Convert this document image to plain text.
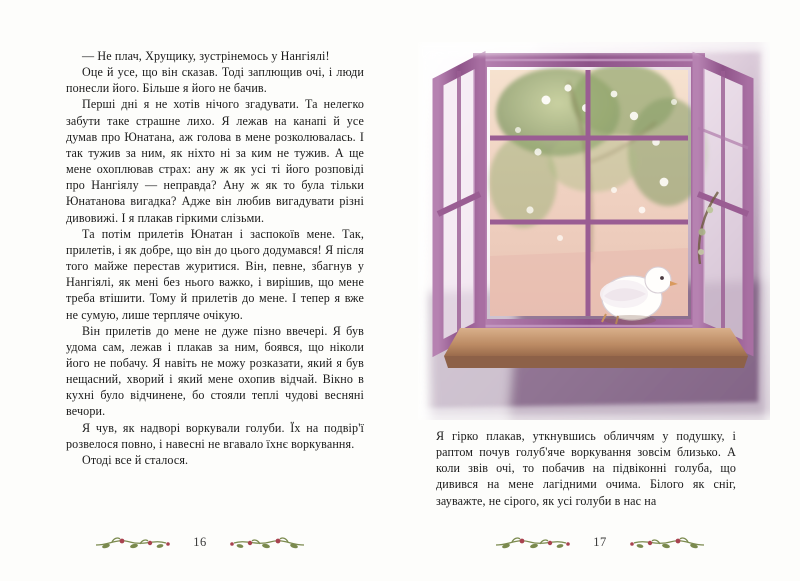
— Не плач, Хрущику, зустрінемось у Нангіялі!

Оце й усе, що він сказав. Тоді заплющив очі, і люди понесли його. Більше я його не бачив.

Перші дні я не хотів нічого згадувати. Та нелегко забути таке страшне лихо. Я лежав на канапі й усе думав про Юнатана, аж голова в мене розколювалась. І так тужив за ним, як ніхто ні за ким не тужив. А ще мене охоплював страх: ану ж як усі ті його розповіді про Нангіялу — неправда? Ану ж як то була тільки Юнатанова вигадка? Адже він любив вигадувати різні дивовижі. І я плакав гіркими слізьми.

Та потім прилетів Юнатан і заспокоїв мене. Так, прилетів, і як добре, що він до цього додумався! Я після того майже перестав журитися. Він, певне, збагнув у Нангіялі, як мені без нього важко, і вирішив, що мене треба втішити. Тому й прилетів до мене. І тепер я вже не сумую, лише терпляче очікую.

Він прилетів до мене не дуже пізно ввечері. Я був удома сам, лежав і плакав за ним, боявся, що ніколи його не побачу. Я навіть не можу розказати, який я був нещасний, хворий і який мене охопив відчай. Вікно в кухні було відчинене, бо стояли теплі чудові весняні вечори.

Я чув, як надворі воркували голуби. Їх на подвір'ї розвелося повно, і навесні не вгавало їхнє воркування.

Отоді все й сталося.

Я гірко плакав, уткнувшись обличчям у подушку, і раптом почув голуб'яче воркування зовсім близько. А коли звів очі, то побачив на підвіконні голуба, що дивився на мене лагідними очима. Білого як сніг, зауважте, не сірого, як усі голуби в нас на

16	17
